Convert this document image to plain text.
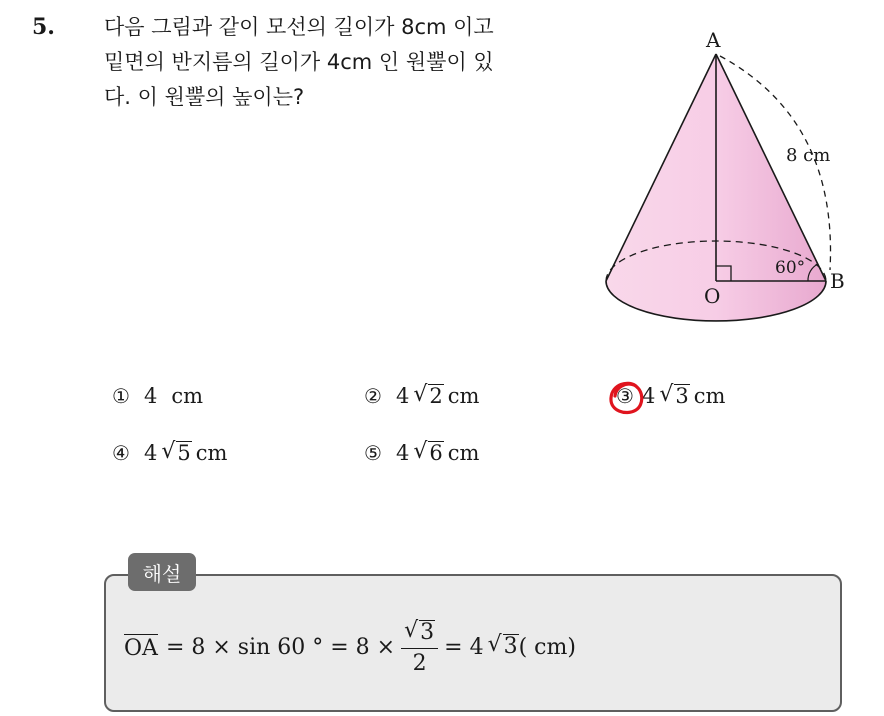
5. 다음 그림과 같이 모선의 길이가 8cm 이고
밑면의 반지름의 길이가 4cm 인 원뿔이 있
다. 이 원뿔의 높이는?
A
O
B
8 cm
60°
① 4 cm	② 4 √ 2 cm	③ 4 √ 3 cm
④ 4 √ 5 cm	⑤ 4 √ 6 cm
해설
OA = 8 × sin 60 ° = $8 \times \frac{√ 3}{2} = 4$ √ 3 ( cm)
